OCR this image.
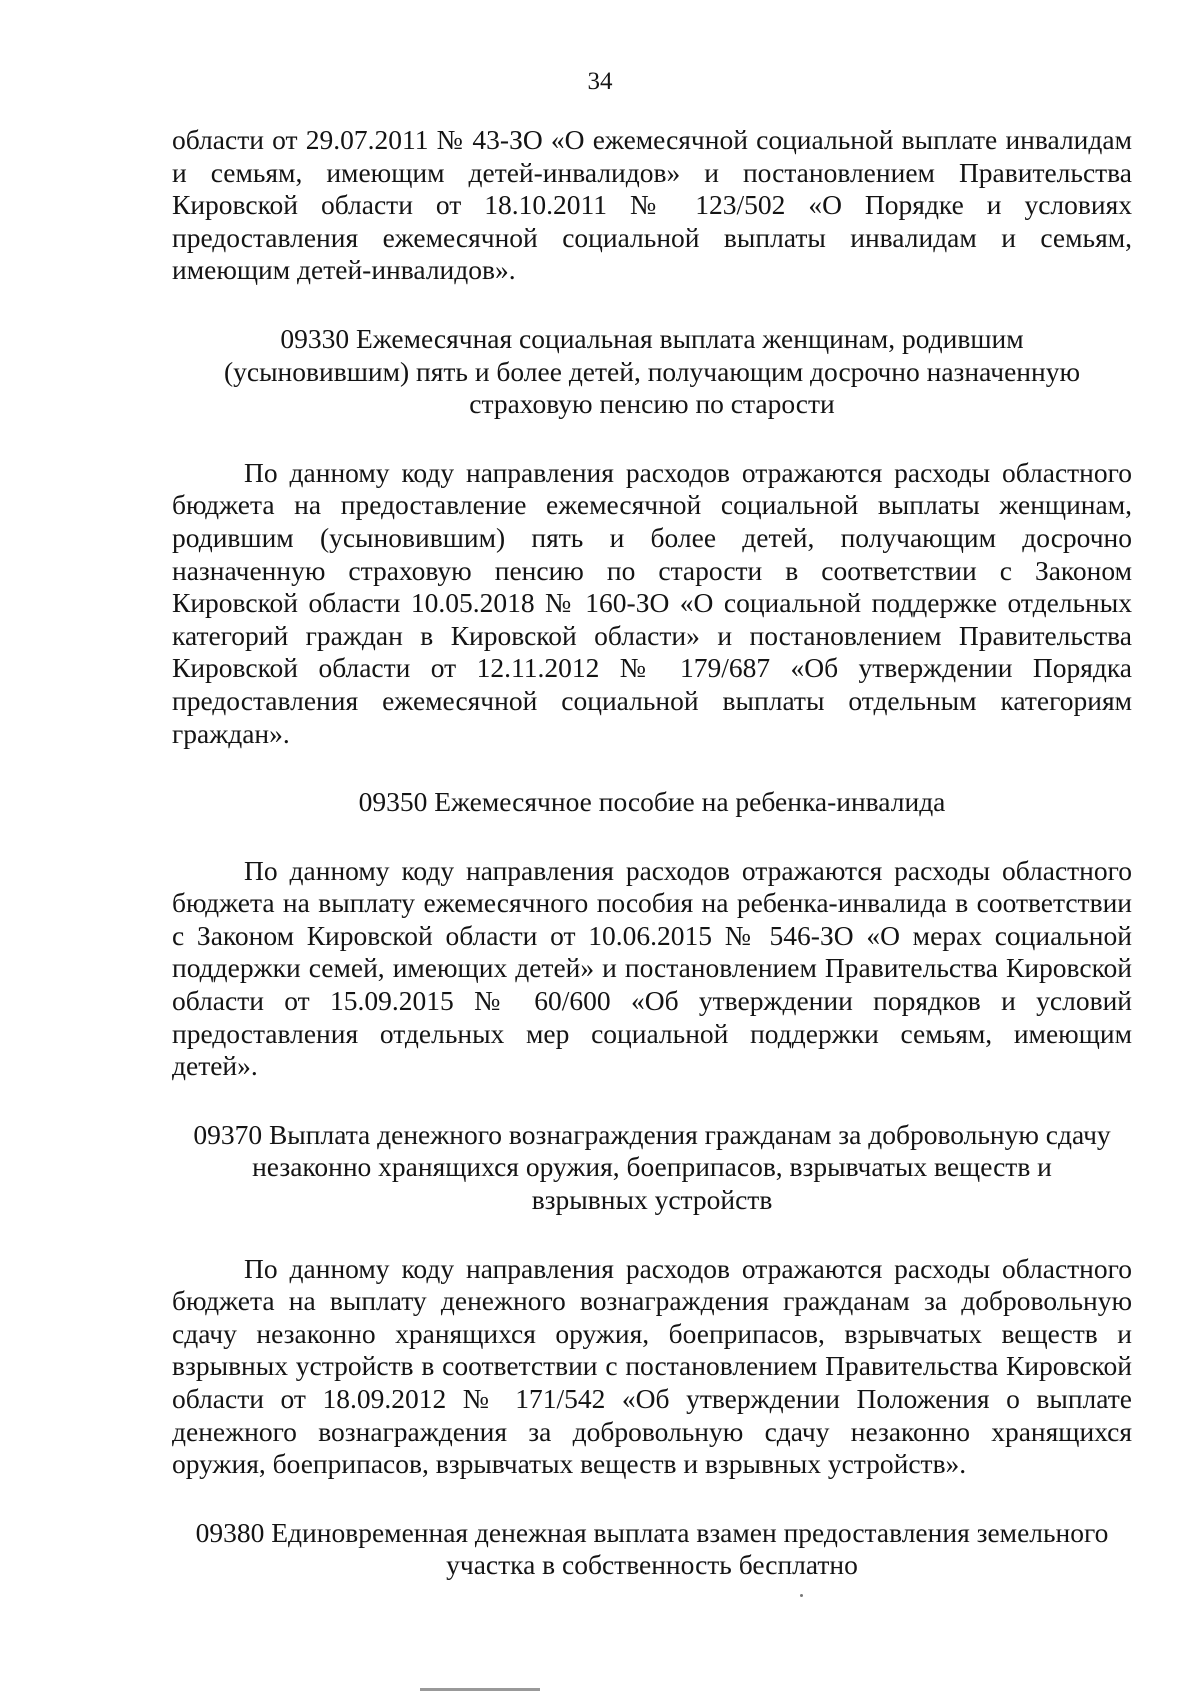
34

области от 29.07.2011 № 43-ЗО «О ежемесячной социальной выплате инвалидам и семьям, имеющим детей-инвалидов» и постановлением Правительства Кировской области от 18.10.2011 № 123/502 «О Порядке и условиях предоставления ежемесячной социальной выплаты инвалидам и семьям, имеющим детей-инвалидов».

09330 Ежемесячная социальная выплата женщинам, родившим (усыновившим) пять и более детей, получающим досрочно назначенную страховую пенсию по старости

По данному коду направления расходов отражаются расходы областного бюджета на предоставление ежемесячной социальной выплаты женщинам, родившим (усыновившим) пять и более детей, получающим досрочно назначенную страховую пенсию по старости в соответствии с Законом Кировской области 10.05.2018 № 160-ЗО «О социальной поддержке отдельных категорий граждан в Кировской области» и постановлением Правительства Кировской области от 12.11.2012 № 179/687 «Об утверждении Порядка предоставления ежемесячной социальной выплаты отдельным категориям граждан».

09350 Ежемесячное пособие на ребенка-инвалида

По данному коду направления расходов отражаются расходы областного бюджета на выплату ежемесячного пособия на ребенка-инвалида в соответствии с Законом Кировской области от 10.06.2015 № 546-ЗО «О мерах социальной поддержки семей, имеющих детей» и постановлением Правительства Кировской области от 15.09.2015 № 60/600 «Об утверждении порядков и условий предоставления отдельных мер социальной поддержки семьям, имеющим детей».

09370 Выплата денежного вознаграждения гражданам за добровольную сдачу незаконно хранящихся оружия, боеприпасов, взрывчатых веществ и взрывных устройств

По данному коду направления расходов отражаются расходы областного бюджета на выплату денежного вознаграждения гражданам за добровольную сдачу незаконно хранящихся оружия, боеприпасов, взрывчатых веществ и взрывных устройств в соответствии с постановлением Правительства Кировской области от 18.09.2012 № 171/542 «Об утверждении Положения о выплате денежного вознаграждения за добровольную сдачу незаконно хранящихся оружия, боеприпасов, взрывчатых веществ и взрывных устройств».

09380 Единовременная денежная выплата взамен предоставления земельного участка в собственность бесплатно
